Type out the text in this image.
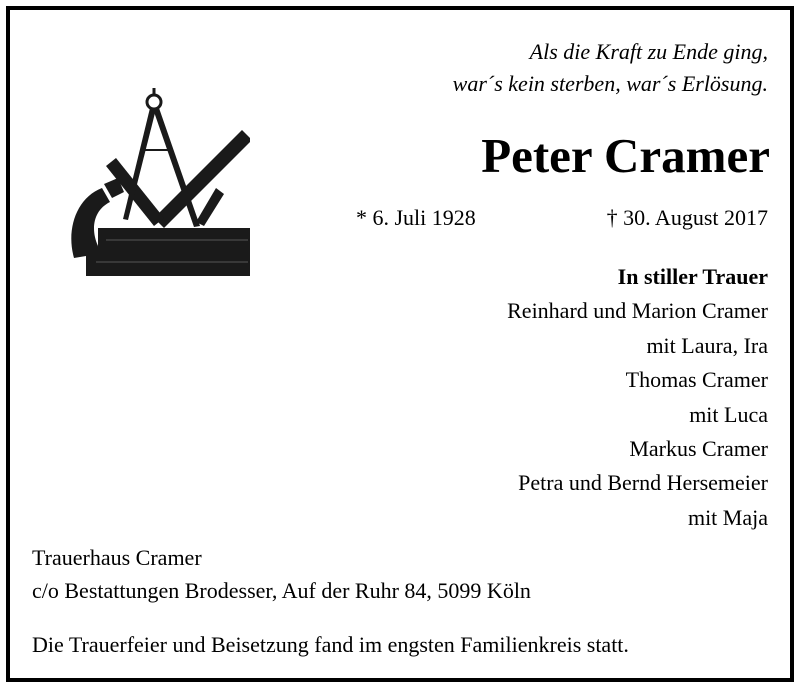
Als die Kraft zu Ende ging,
war´s kein sterben, war´s Erlösung.
Peter Cramer
* 6. Juli 1928	† 30. August 2017
In stiller Trauer
Reinhard und Marion Cramer
mit Laura, Ira
Thomas Cramer
mit Luca
Markus Cramer
Petra und Bernd Hersemeier
mit Maja
Trauerhaus Cramer
c/o Bestattungen Brodesser, Auf der Ruhr 84, 5099 Köln
Die Trauerfeier und Beisetzung fand im engsten Familienkreis statt.
